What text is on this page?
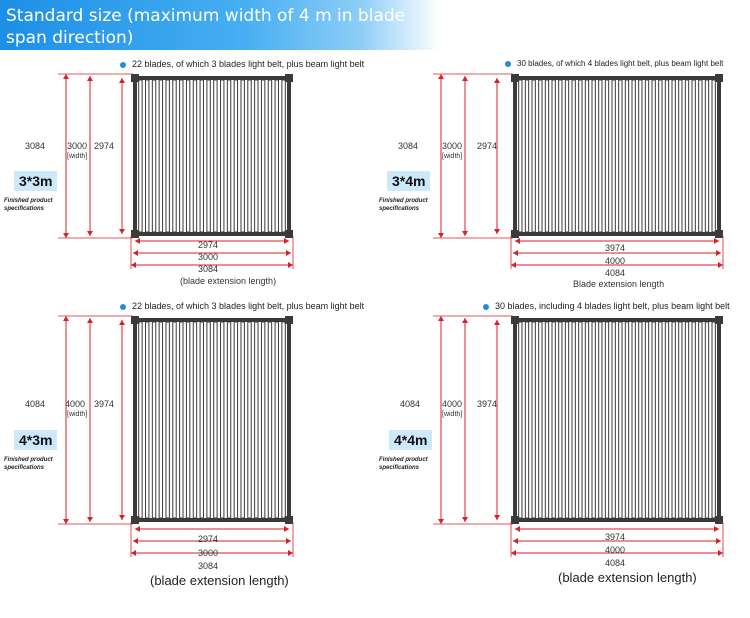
Standard size (maximum width of 4 m in blade span direction)
22 blades, of which 3 blades light belt, plus beam light belt
3084 3000
[width]
2974
3*3m
Finished product specifications
2974
3000
3084
(blade extension length)
30 blades, of which 4 blades light belt, plus beam light belt
3084	3000
[width]
2974
3*4m
Finished product specifications
3974
4000
4084
Blade extension length
22 blades, of which 3 blades light belt, plus beam light belt
4084 4000
[width]
3974
4*3m
Finished product specifications
2974
3000
3084
(blade extension length)
30 blades, including 4 blades light belt, plus beam light belt
4084 4000
[width]
3974
4*4m
Finished product specifications
3974
4000
4084
(blade extension length)
